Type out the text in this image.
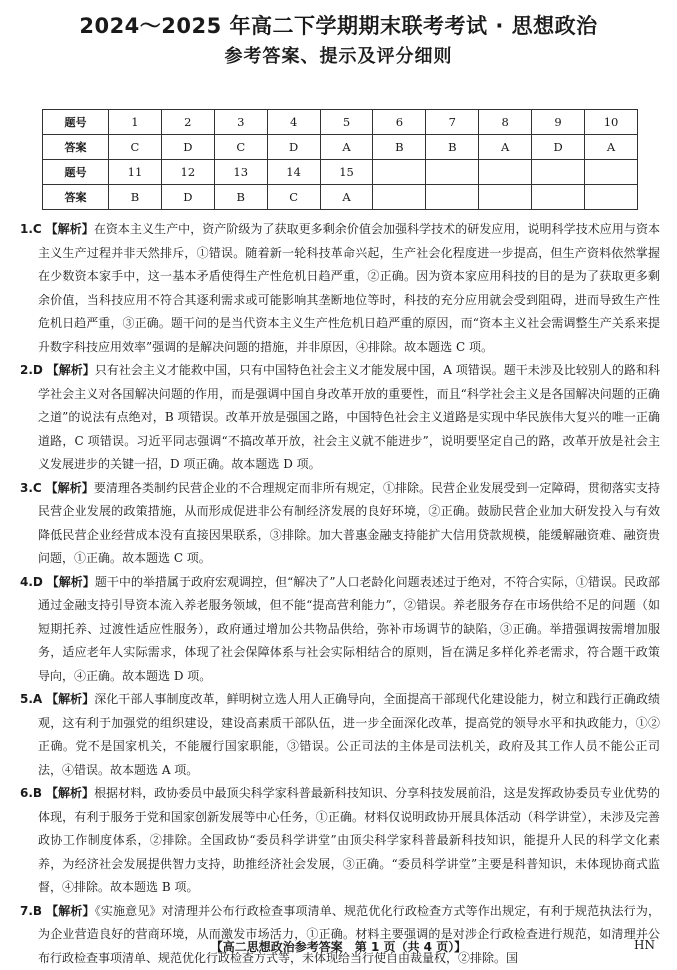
2024～2025 年高二下学期期末联考考试 · 思想政治
参考答案、提示及评分细则
题号	1	2	3	4	5	6	7	8	9	10
答案	C	D	C	D	A	B	B	A	D	A
题号	11	12	13	14	15					
答案	B	D	B	C	A					

1.C 【解析】在资本主义生产中，资产阶级为了获取更多剩余价值会加强科学技术的研发应用，说明科学技术应用与资本主义生产过程并非天然排斥，①错误。随着新一轮科技革命兴起，生产社会化程度进一步提高，但生产资料依然掌握在少数资本家手中，这一基本矛盾使得生产性危机日趋严重，②正确。因为资本家应用科技的目的是为了获取更多剩余价值，当科技应用不符合其逐利需求或可能影响其垄断地位等时，科技的充分应用就会受到阻碍，进而导致生产性危机日趋严重，③正确。题干问的是当代资本主义生产性危机日趋严重的原因，而“资本主义社会需调整生产关系来提升数字科技应用效率”强调的是解决问题的措施，并非原因，④排除。故本题选 C 项。

2.D 【解析】只有社会主义才能救中国，只有中国特色社会主义才能发展中国，A 项错误。题干未涉及比较别人的路和科学社会主义对各国解决问题的作用，而是强调中国自身改革开放的重要性，而且“科学社会主义是各国解决问题的正确之道”的说法有点绝对，B 项错误。改革开放是强国之路，中国特色社会主义道路是实现中华民族伟大复兴的唯一正确道路，C 项错误。习近平同志强调“不搞改革开放，社会主义就不能进步”，说明要坚定自己的路，改革开放是社会主义发展进步的关键一招，D 项正确。故本题选 D 项。

3.C 【解析】要清理各类制约民营企业的不合理规定而非所有规定，①排除。民营企业发展受到一定障碍，贯彻落实支持民营企业发展的政策措施，从而形成促进非公有制经济发展的良好环境，②正确。鼓励民营企业加大研发投入与有效降低民营企业经营成本没有直接因果联系，③排除。加大普惠金融支持能扩大信用贷款规模，能缓解融资难、融资贵问题，①正确。故本题选 C 项。

4.D 【解析】题干中的举措属于政府宏观调控，但“解决了”人口老龄化问题表述过于绝对，不符合实际，①错误。民政部通过金融支持引导资本流入养老服务领域，但不能“提高营利能力”，②错误。养老服务存在市场供给不足的问题（如短期托养、过渡性适应性服务），政府通过增加公共物品供给，弥补市场调节的缺陷，③正确。举措强调按需增加服务，适应老年人实际需求，体现了社会保障体系与社会实际相结合的原则，旨在满足多样化养老需求，符合题干政策导向，④正确。故本题选 D 项。

5.A 【解析】深化干部人事制度改革，鲜明树立选人用人正确导向，全面提高干部现代化建设能力，树立和践行正确政绩观，这有利于加强党的组织建设，建设高素质干部队伍，进一步全面深化改革，提高党的领导水平和执政能力，①②正确。党不是国家机关，不能履行国家职能，③错误。公正司法的主体是司法机关，政府及其工作人员不能公正司法，④错误。故本题选 A 项。

6.B 【解析】根据材料，政协委员中最顶尖科学家科普最新科技知识、分享科技发展前沿，这是发挥政协委员专业优势的体现，有利于服务于党和国家创新发展等中心任务，①正确。材料仅说明政协开展具体活动（科学讲堂），未涉及完善政协工作制度体系，②排除。全国政协“委员科学讲堂”由顶尖科学家科普最新科技知识，能提升人民的科学文化素养，为经济社会发展提供智力支持，助推经济社会发展，③正确。“委员科学讲堂”主要是科普知识，未体现协商式监督，④排除。故本题选 B 项。

7.B 【解析】《实施意见》对清理并公布行政检查事项清单、规范优化行政检查方式等作出规定，有利于规范执法行为，为企业营造良好的营商环境，从而激发市场活力，①正确。材料主要强调的是对涉企行政检查进行规范，如清理并公布行政检查事项清单、规范优化行政检查方式等，未体现给当行使自由裁量权，②排除。国

【高二思想政治参考答案　第 1 页（共 4 页）】	HN
